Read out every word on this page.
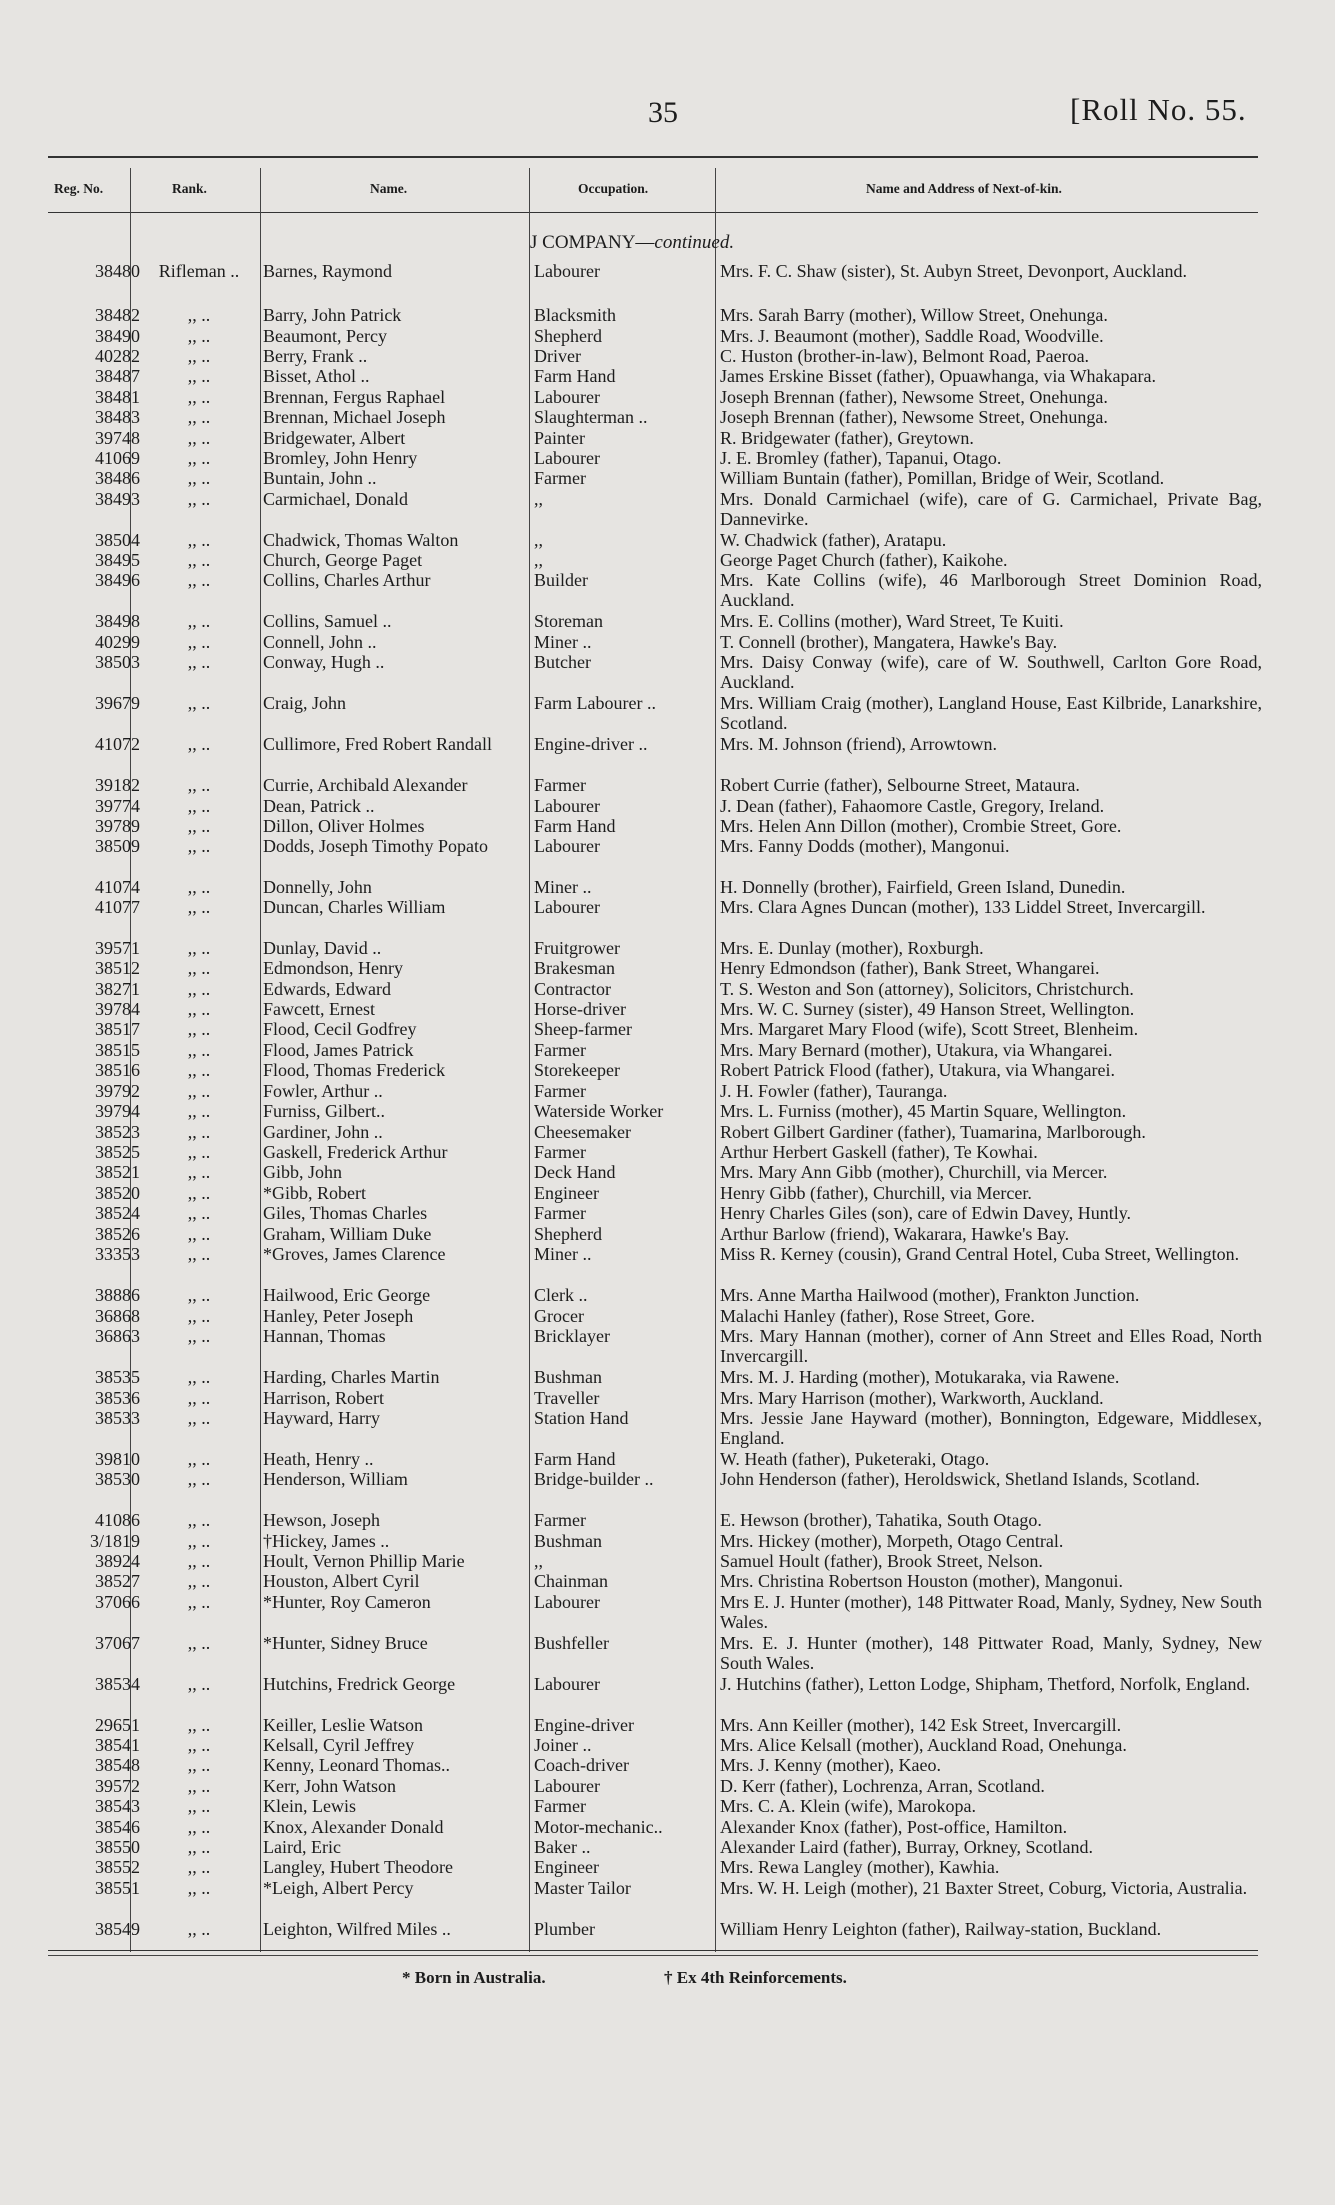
35	[Roll No. 55.
Reg. No.	Rank.	Name.	Occupation.	Name and Address of Next-of-kin.
J COMPANY—continued.
38480	Rifleman ..	Barnes, Raymond	Labourer	Mrs. F. C. Shaw (sister), St. Aubyn Street, Devonport, Auckland.
38482	,, ..	Barry, John Patrick	Blacksmith	Mrs. Sarah Barry (mother), Willow Street, Onehunga.
38490	,, ..	Beaumont, Percy	Shepherd	Mrs. J. Beaumont (mother), Saddle Road, Woodville.
40282	,, ..	Berry, Frank ..	Driver	C. Huston (brother-in-law), Belmont Road, Paeroa.
38487	,, ..	Bisset, Athol ..	Farm Hand	James Erskine Bisset (father), Opuawhanga, via Whakapara.
38481	,, ..	Brennan, Fergus Raphael	Labourer	Joseph Brennan (father), Newsome Street, Onehunga.
38483	,, ..	Brennan, Michael Joseph	Slaughterman ..	Joseph Brennan (father), Newsome Street, Onehunga.
39748	,, ..	Bridgewater, Albert	Painter	R. Bridgewater (father), Greytown.
41069	,, ..	Bromley, John Henry	Labourer	J. E. Bromley (father), Tapanui, Otago.
38486	,, ..	Buntain, John ..	Farmer	William Buntain (father), Pomillan, Bridge of Weir, Scotland.
38493	,, ..	Carmichael, Donald	,,	Mrs. Donald Carmichael (wife), care of G. Carmichael, Private Bag, Dannevirke.
38504	,, ..	Chadwick, Thomas Walton	,,	W. Chadwick (father), Aratapu.
38495	,, ..	Church, George Paget	,,	George Paget Church (father), Kaikohe.
38496	,, ..	Collins, Charles Arthur	Builder	Mrs. Kate Collins (wife), 46 Marlborough Street Dominion Road, Auckland.
38498	,, ..	Collins, Samuel ..	Storeman	Mrs. E. Collins (mother), Ward Street, Te Kuiti.
40299	,, ..	Connell, John ..	Miner ..	T. Connell (brother), Mangatera, Hawke's Bay.
38503	,, ..	Conway, Hugh ..	Butcher	Mrs. Daisy Conway (wife), care of W. Southwell, Carlton Gore Road, Auckland.
39679	,, ..	Craig, John	Farm Labourer ..	Mrs. William Craig (mother), Langland House, East Kilbride, Lanarkshire, Scotland.
41072	,, ..	Cullimore, Fred Robert Randall	Engine-driver ..	Mrs. M. Johnson (friend), Arrowtown.
39182	,, ..	Currie, Archibald Alexander	Farmer	Robert Currie (father), Selbourne Street, Mataura.
39774	,, ..	Dean, Patrick ..	Labourer	J. Dean (father), Fahaomore Castle, Gregory, Ireland.
39789	,, ..	Dillon, Oliver Holmes	Farm Hand	Mrs. Helen Ann Dillon (mother), Crombie Street, Gore.
38509	,, ..	Dodds, Joseph Timothy Popato	Labourer	Mrs. Fanny Dodds (mother), Mangonui.
41074	,, ..	Donnelly, John	Miner ..	H. Donnelly (brother), Fairfield, Green Island, Dunedin.
41077	,, ..	Duncan, Charles William	Labourer	Mrs. Clara Agnes Duncan (mother), 133 Liddel Street, Invercargill.
39571	,, ..	Dunlay, David ..	Fruitgrower	Mrs. E. Dunlay (mother), Roxburgh.
38512	,, ..	Edmondson, Henry	Brakesman	Henry Edmondson (father), Bank Street, Whangarei.
38271	,, ..	Edwards, Edward	Contractor	T. S. Weston and Son (attorney), Solicitors, Christchurch.
39784	,, ..	Fawcett, Ernest	Horse-driver	Mrs. W. C. Surney (sister), 49 Hanson Street, Wellington.
38517	,, ..	Flood, Cecil Godfrey	Sheep-farmer	Mrs. Margaret Mary Flood (wife), Scott Street, Blenheim.
38515	,, ..	Flood, James Patrick	Farmer	Mrs. Mary Bernard (mother), Utakura, via Whangarei.
38516	,, ..	Flood, Thomas Frederick	Storekeeper	Robert Patrick Flood (father), Utakura, via Whangarei.
39792	,, ..	Fowler, Arthur ..	Farmer	J. H. Fowler (father), Tauranga.
39794	,, ..	Furniss, Gilbert..	Waterside Worker	Mrs. L. Furniss (mother), 45 Martin Square, Wellington.
38523	,, ..	Gardiner, John ..	Cheesemaker	Robert Gilbert Gardiner (father), Tuamarina, Marlborough.
38525	,, ..	Gaskell, Frederick Arthur	Farmer	Arthur Herbert Gaskell (father), Te Kowhai.
38521	,, ..	Gibb, John	Deck Hand	Mrs. Mary Ann Gibb (mother), Churchill, via Mercer.
38520	,, ..	*Gibb, Robert	Engineer	Henry Gibb (father), Churchill, via Mercer.
38524	,, ..	Giles, Thomas Charles	Farmer	Henry Charles Giles (son), care of Edwin Davey, Huntly.
38526	,, ..	Graham, William Duke	Shepherd	Arthur Barlow (friend), Wakarara, Hawke's Bay.
33353	,, ..	*Groves, James Clarence	Miner ..	Miss R. Kerney (cousin), Grand Central Hotel, Cuba Street, Wellington.
38886	,, ..	Hailwood, Eric George	Clerk ..	Mrs. Anne Martha Hailwood (mother), Frankton Junction.
36868	,, ..	Hanley, Peter Joseph	Grocer	Malachi Hanley (father), Rose Street, Gore.
36863	,, ..	Hannan, Thomas	Bricklayer	Mrs. Mary Hannan (mother), corner of Ann Street and Elles Road, North Invercargill.
38535	,, ..	Harding, Charles Martin	Bushman	Mrs. M. J. Harding (mother), Motukaraka, via Rawene.
38536	,, ..	Harrison, Robert	Traveller	Mrs. Mary Harrison (mother), Warkworth, Auckland.
38533	,, ..	Hayward, Harry	Station Hand	Mrs. Jessie Jane Hayward (mother), Bonnington, Edgeware, Middlesex, England.
39810	,, ..	Heath, Henry ..	Farm Hand	W. Heath (father), Puketeraki, Otago.
38530	,, ..	Henderson, William	Bridge-builder ..	John Henderson (father), Heroldswick, Shetland Islands, Scotland.
41086	,, ..	Hewson, Joseph	Farmer	E. Hewson (brother), Tahatika, South Otago.
3/1819	,, ..	†Hickey, James ..	Bushman	Mrs. Hickey (mother), Morpeth, Otago Central.
38924	,, ..	Hoult, Vernon Phillip Marie	,,	Samuel Hoult (father), Brook Street, Nelson.
38527	,, ..	Houston, Albert Cyril	Chainman	Mrs. Christina Robertson Houston (mother), Mangonui.
37066	,, ..	*Hunter, Roy Cameron	Labourer	Mrs E. J. Hunter (mother), 148 Pittwater Road, Manly, Sydney, New South Wales.
37067	,, ..	*Hunter, Sidney Bruce	Bushfeller	Mrs. E. J. Hunter (mother), 148 Pittwater Road, Manly, Sydney, New South Wales.
38534	,, ..	Hutchins, Fredrick George	Labourer	J. Hutchins (father), Letton Lodge, Shipham, Thetford, Norfolk, England.
29651	,, ..	Keiller, Leslie Watson	Engine-driver	Mrs. Ann Keiller (mother), 142 Esk Street, Invercargill.
38541	,, ..	Kelsall, Cyril Jeffrey	Joiner ..	Mrs. Alice Kelsall (mother), Auckland Road, Onehunga.
38548	,, ..	Kenny, Leonard Thomas..	Coach-driver	Mrs. J. Kenny (mother), Kaeo.
39572	,, ..	Kerr, John Watson	Labourer	D. Kerr (father), Lochrenza, Arran, Scotland.
38543	,, ..	Klein, Lewis	Farmer	Mrs. C. A. Klein (wife), Marokopa.
38546	,, ..	Knox, Alexander Donald	Motor-mechanic..	Alexander Knox (father), Post-office, Hamilton.
38550	,, ..	Laird, Eric	Baker ..	Alexander Laird (father), Burray, Orkney, Scotland.
38552	,, ..	Langley, Hubert Theodore	Engineer	Mrs. Rewa Langley (mother), Kawhia.
38551	,, ..	*Leigh, Albert Percy	Master Tailor	Mrs. W. H. Leigh (mother), 21 Baxter Street, Coburg, Victoria, Australia.
38549	,, ..	Leighton, Wilfred Miles ..	Plumber	William Henry Leighton (father), Railway-station, Buckland.
* Born in Australia.	† Ex 4th Reinforcements.
